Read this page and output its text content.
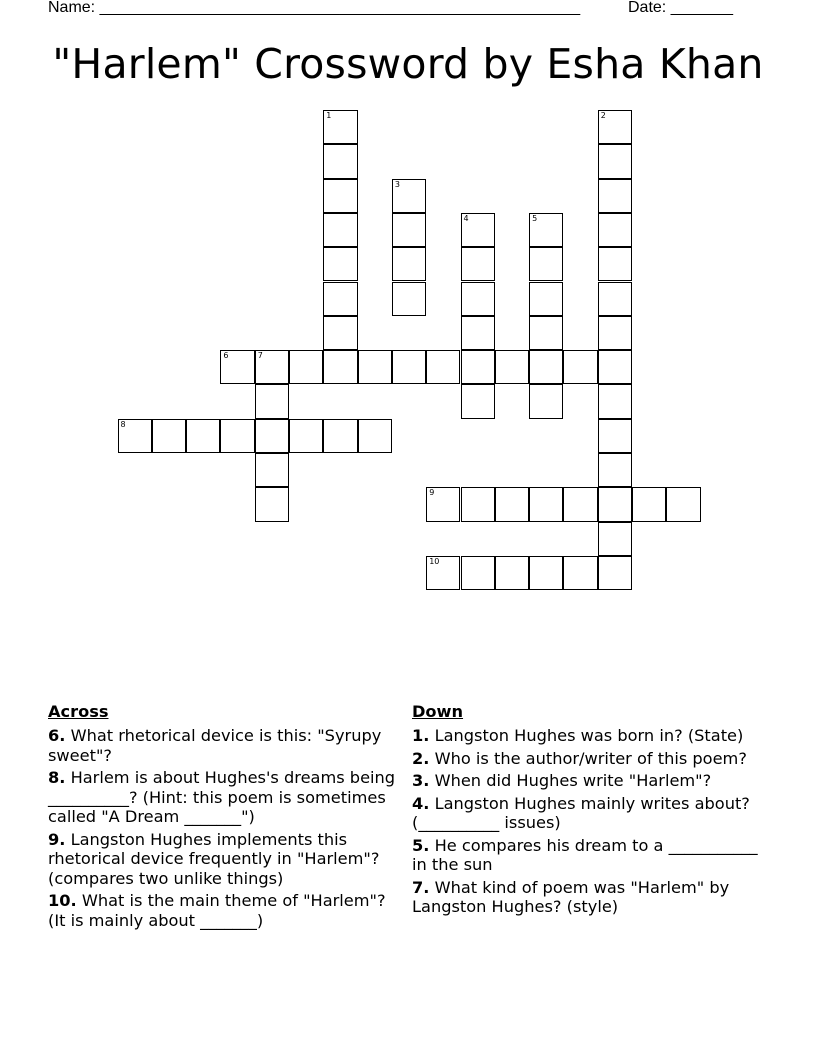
Name: ______________________________________________________	Date: _______
"Harlem" Crossword by Esha Khan
1	2
3
4	5
6	7
8
9
10
Across
6. What rhetorical device is this: "Syrupy sweet"?
8. Harlem is about Hughes's dreams being __________? (Hint: this poem is sometimes called "A Dream _______")
9. Langston Hughes implements this rhetorical device frequently in "Harlem"? (compares two unlike things)
10. What is the main theme of "Harlem"? (It is mainly about _______)
Down
1. Langston Hughes was born in? (State)
2. Who is the author/writer of this poem?
3. When did Hughes write "Harlem"?
4. Langston Hughes mainly writes about? (__________ issues)
5. He compares his dream to a ___________ in the sun
7. What kind of poem was "Harlem" by Langston Hughes? (style)
